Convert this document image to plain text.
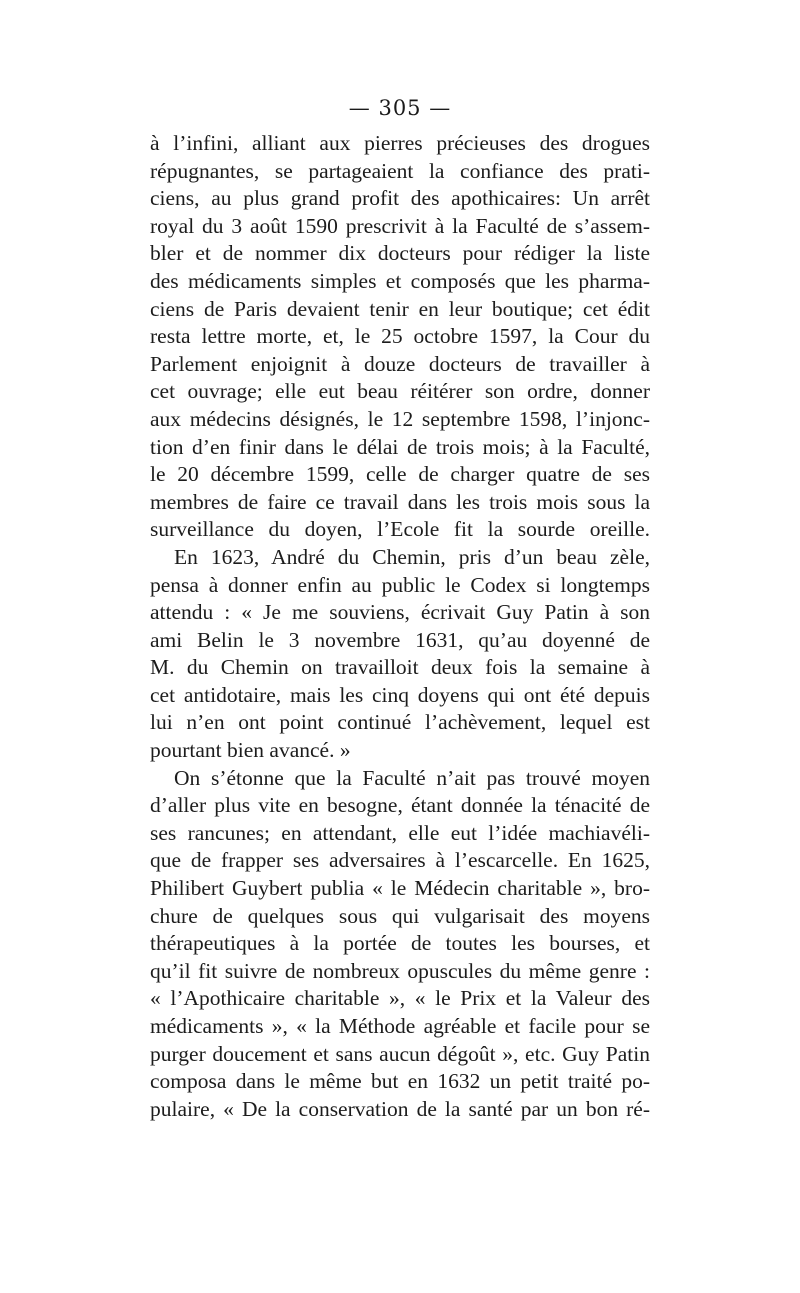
— 305 —
à l’infini, alliant aux pierres précieuses des drogues
répugnantes, se partageaient la confiance des prati-
ciens, au plus grand profit des apothicaires: Un arrêt
royal du 3 août 1590 prescrivit à la Faculté de s’assem-
bler et de nommer dix docteurs pour rédiger la liste
des médicaments simples et composés que les pharma-
ciens de Paris devaient tenir en leur boutique; cet édit
resta lettre morte, et, le 25 octobre 1597, la Cour du
Parlement enjoignit à douze docteurs de travailler à
cet ouvrage; elle eut beau réitérer son ordre, donner
aux médecins désignés, le 12 septembre 1598, l’injonc-
tion d’en finir dans le délai de trois mois; à la Faculté,
le 20 décembre 1599, celle de charger quatre de ses
membres de faire ce travail dans les trois mois sous la
surveillance du doyen, l’Ecole fit la sourde oreille.
En 1623, André du Chemin, pris d’un beau zèle,
pensa à donner enfin au public le Codex si longtemps
attendu : « Je me souviens, écrivait Guy Patin à son
ami Belin le 3 novembre 1631, qu’au doyenné de
M. du Chemin on travailloit deux fois la semaine à
cet antidotaire, mais les cinq doyens qui ont été depuis
lui n’en ont point continué l’achèvement, lequel est
pourtant bien avancé. »
On s’étonne que la Faculté n’ait pas trouvé moyen
d’aller plus vite en besogne, étant donnée la ténacité de
ses rancunes; en attendant, elle eut l’idée machiavéli-
que de frapper ses adversaires à l’escarcelle. En 1625,
Philibert Guybert publia « le Médecin charitable », bro-
chure de quelques sous qui vulgarisait des moyens
thérapeutiques à la portée de toutes les bourses, et
qu’il fit suivre de nombreux opuscules du même genre :
« l’Apothicaire charitable », « le Prix et la Valeur des
médicaments », « la Méthode agréable et facile pour se
purger doucement et sans aucun dégoût », etc. Guy Patin
composa dans le même but en 1632 un petit traité po-
pulaire, « De la conservation de la santé par un bon ré-
